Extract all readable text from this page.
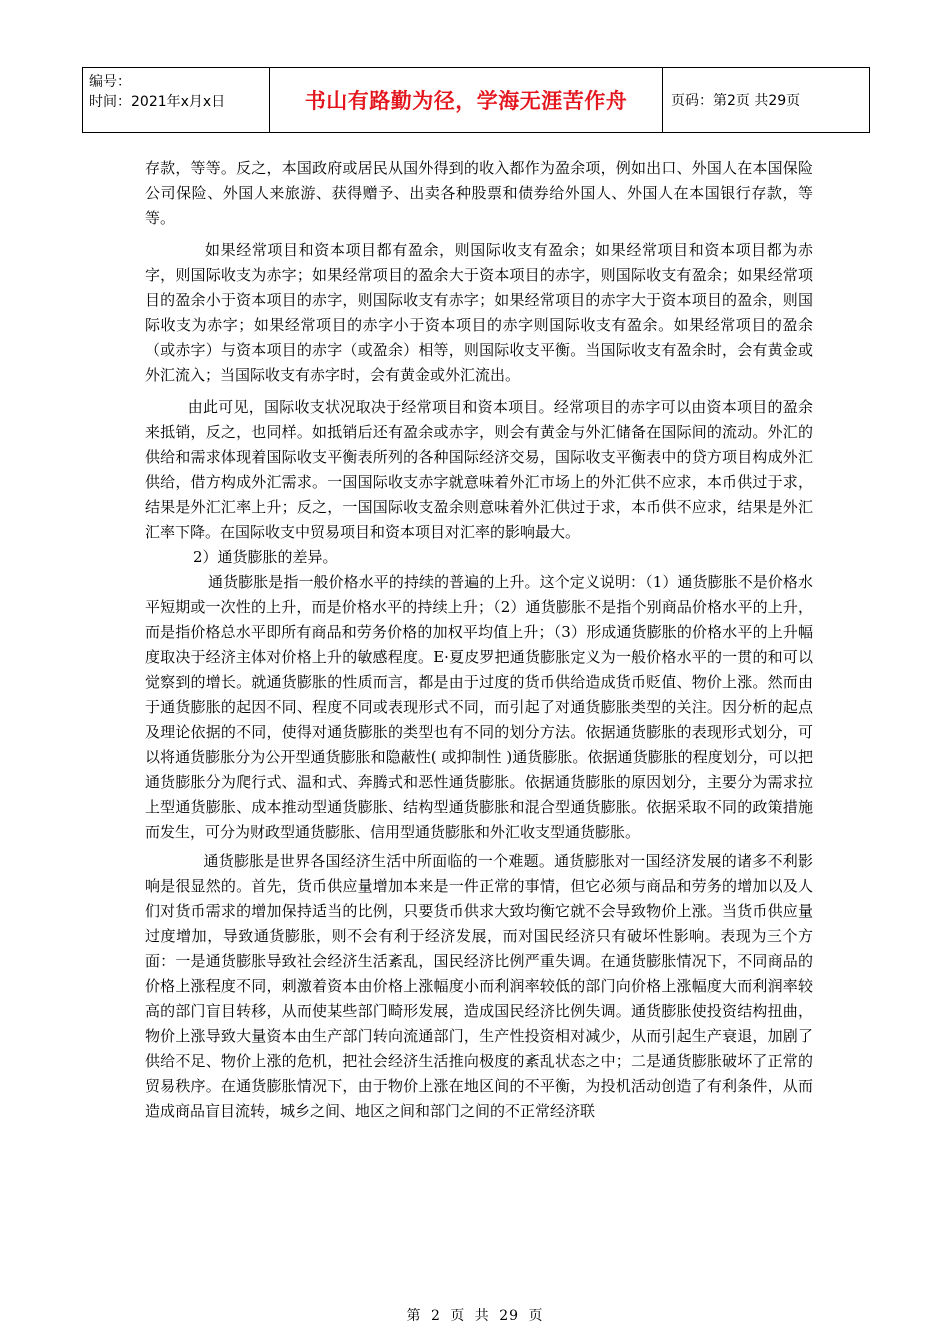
编号：
时间：2021年x月x日	书山有路勤为径，学海无涯苦作舟	页码：第2页 共29页

存款，等等。反之，本国政府或居民从国外得到的收入都作为盈余项，例如出口、外国人在本国保险公司保险、外国人来旅游、获得赠予、出卖各种股票和债券给外国人、外国人在本国银行存款，等等。

如果经常项目和资本项目都有盈余，则国际收支有盈余；如果经常项目和资本项目都为赤字，则国际收支为赤字；如果经常项目的盈余大于资本项目的赤字，则国际收支有盈余；如果经常项目的盈余小于资本项目的赤字，则国际收支有赤字；如果经常项目的赤字大于资本项目的盈余，则国际收支为赤字；如果经常项目的赤字小于资本项目的赤字则国际收支有盈余。如果经常项目的盈余（或赤字）与资本项目的赤字（或盈余）相等，则国际收支平衡。当国际收支有盈余时，会有黄金或外汇流入；当国际收支有赤字时，会有黄金或外汇流出。

由此可见，国际收支状况取决于经常项目和资本项目。经常项目的赤字可以由资本项目的盈余来抵销，反之，也同样。如抵销后还有盈余或赤字，则会有黄金与外汇储备在国际间的流动。外汇的供给和需求体现着国际收支平衡表所列的各种国际经济交易，国际收支平衡表中的贷方项目构成外汇供给，借方构成外汇需求。一国国际收支赤字就意味着外汇市场上的外汇供不应求，本币供过于求，结果是外汇汇率上升；反之，一国国际收支盈余则意味着外汇供过于求，本币供不应求，结果是外汇汇率下降。在国际收支中贸易项目和资本项目对汇率的影响最大。

2）通货膨胀的差异。

通货膨胀是指一般价格水平的持续的普遍的上升。这个定义说明：（1）通货膨胀不是价格水平短期或一次性的上升，而是价格水平的持续上升；（2）通货膨胀不是指个别商品价格水平的上升，而是指价格总水平即所有商品和劳务价格的加权平均值上升；（3）形成通货膨胀的价格水平的上升幅度取决于经济主体对价格上升的敏感程度。E·夏皮罗把通货膨胀定义为一般价格水平的一贯的和可以觉察到的增长。就通货膨胀的性质而言，都是由于过度的货币供给造成货币贬值、物价上涨。然而由于通货膨胀的起因不同、程度不同或表现形式不同，而引起了对通货膨胀类型的关注。因分析的起点及理论依据的不同，使得对通货膨胀的类型也有不同的划分方法。依据通货膨胀的表现形式划分，可以将通货膨胀分为公开型通货膨胀和隐蔽性( 或抑制性 )通货膨胀。依据通货膨胀的程度划分，可以把通货膨胀分为爬行式、温和式、奔腾式和恶性通货膨胀。依据通货膨胀的原因划分，主要分为需求拉上型通货膨胀、成本推动型通货膨胀、结构型通货膨胀和混合型通货膨胀。依据采取不同的政策措施而发生，可分为财政型通货膨胀、信用型通货膨胀和外汇收支型通货膨胀。

通货膨胀是世界各国经济生活中所面临的一个难题。通货膨胀对一国经济发展的诸多不利影响是很显然的。首先，货币供应量增加本来是一件正常的事情，但它必须与商品和劳务的增加以及人们对货币需求的增加保持适当的比例，只要货币供求大致均衡它就不会导致物价上涨。当货币供应量过度增加，导致通货膨胀，则不会有利于经济发展，而对国民经济只有破坏性影响。表现为三个方面：一是通货膨胀导致社会经济生活紊乱，国民经济比例严重失调。在通货膨胀情况下，不同商品的价格上涨程度不同，刺激着资本由价格上涨幅度小而利润率较低的部门向价格上涨幅度大而利润率较高的部门盲目转移，从而使某些部门畸形发展，造成国民经济比例失调。通货膨胀使投资结构扭曲，物价上涨导致大量资本由生产部门转向流通部门，生产性投资相对减少，从而引起生产衰退，加剧了供给不足、物价上涨的危机，把社会经济生活推向极度的紊乱状态之中；二是通货膨胀破坏了正常的贸易秩序。在通货膨胀情况下，由于物价上涨在地区间的不平衡，为投机活动创造了有利条件，从而造成商品盲目流转，城乡之间、地区之间和部门之间的不正常经济联

第 2 页 共 29 页
